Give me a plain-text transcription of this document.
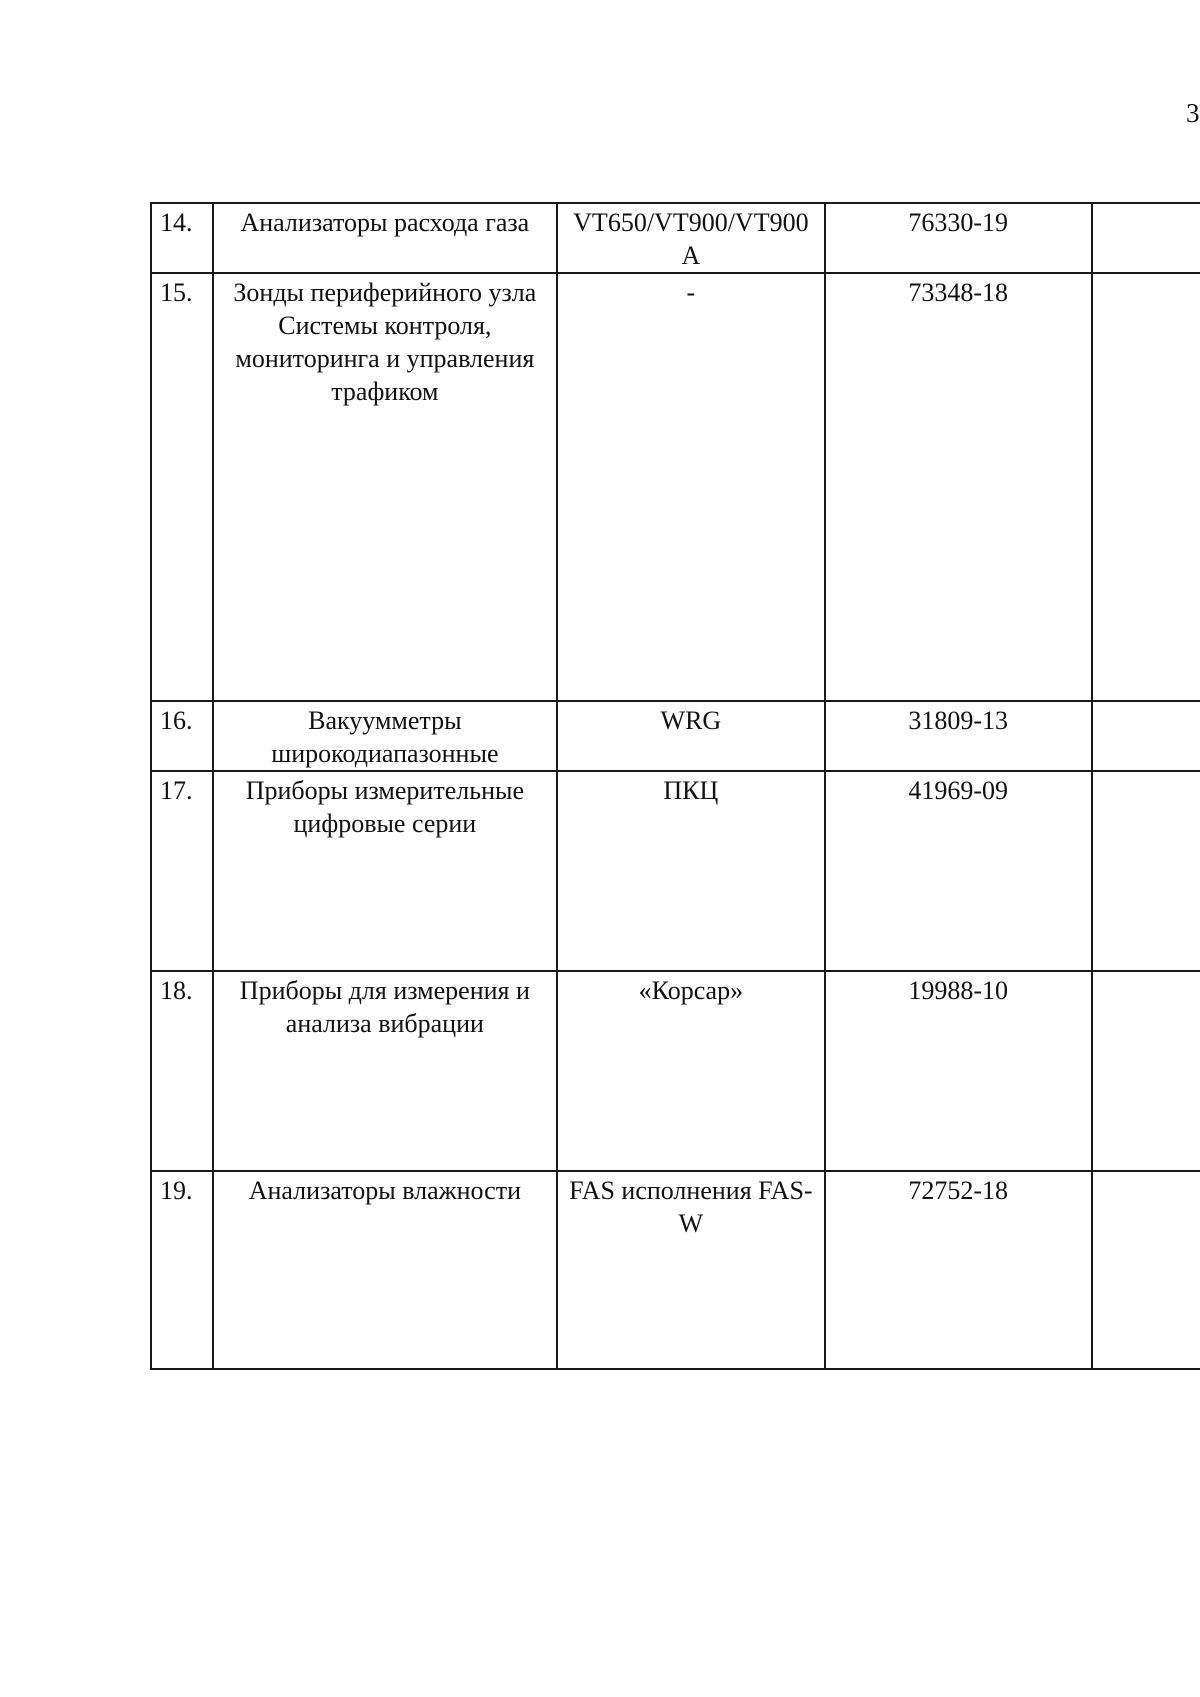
3
14.	Анализаторы расхода газа	VT650/VT900/VT900A	76330-19	
15.	Зонды периферийного узла Системы контроля, мониторинга и управления трафиком	-	73348-18	
16.	Вакуумметры широкодиапазонные	WRG	31809-13	
17.	Приборы измерительные цифровые серии	ПКЦ	41969-09	
18.	Приборы для измерения и анализа вибрации	«Корсар»	19988-10	
19.	Анализаторы влажности	FAS исполнения FAS-W	72752-18	
